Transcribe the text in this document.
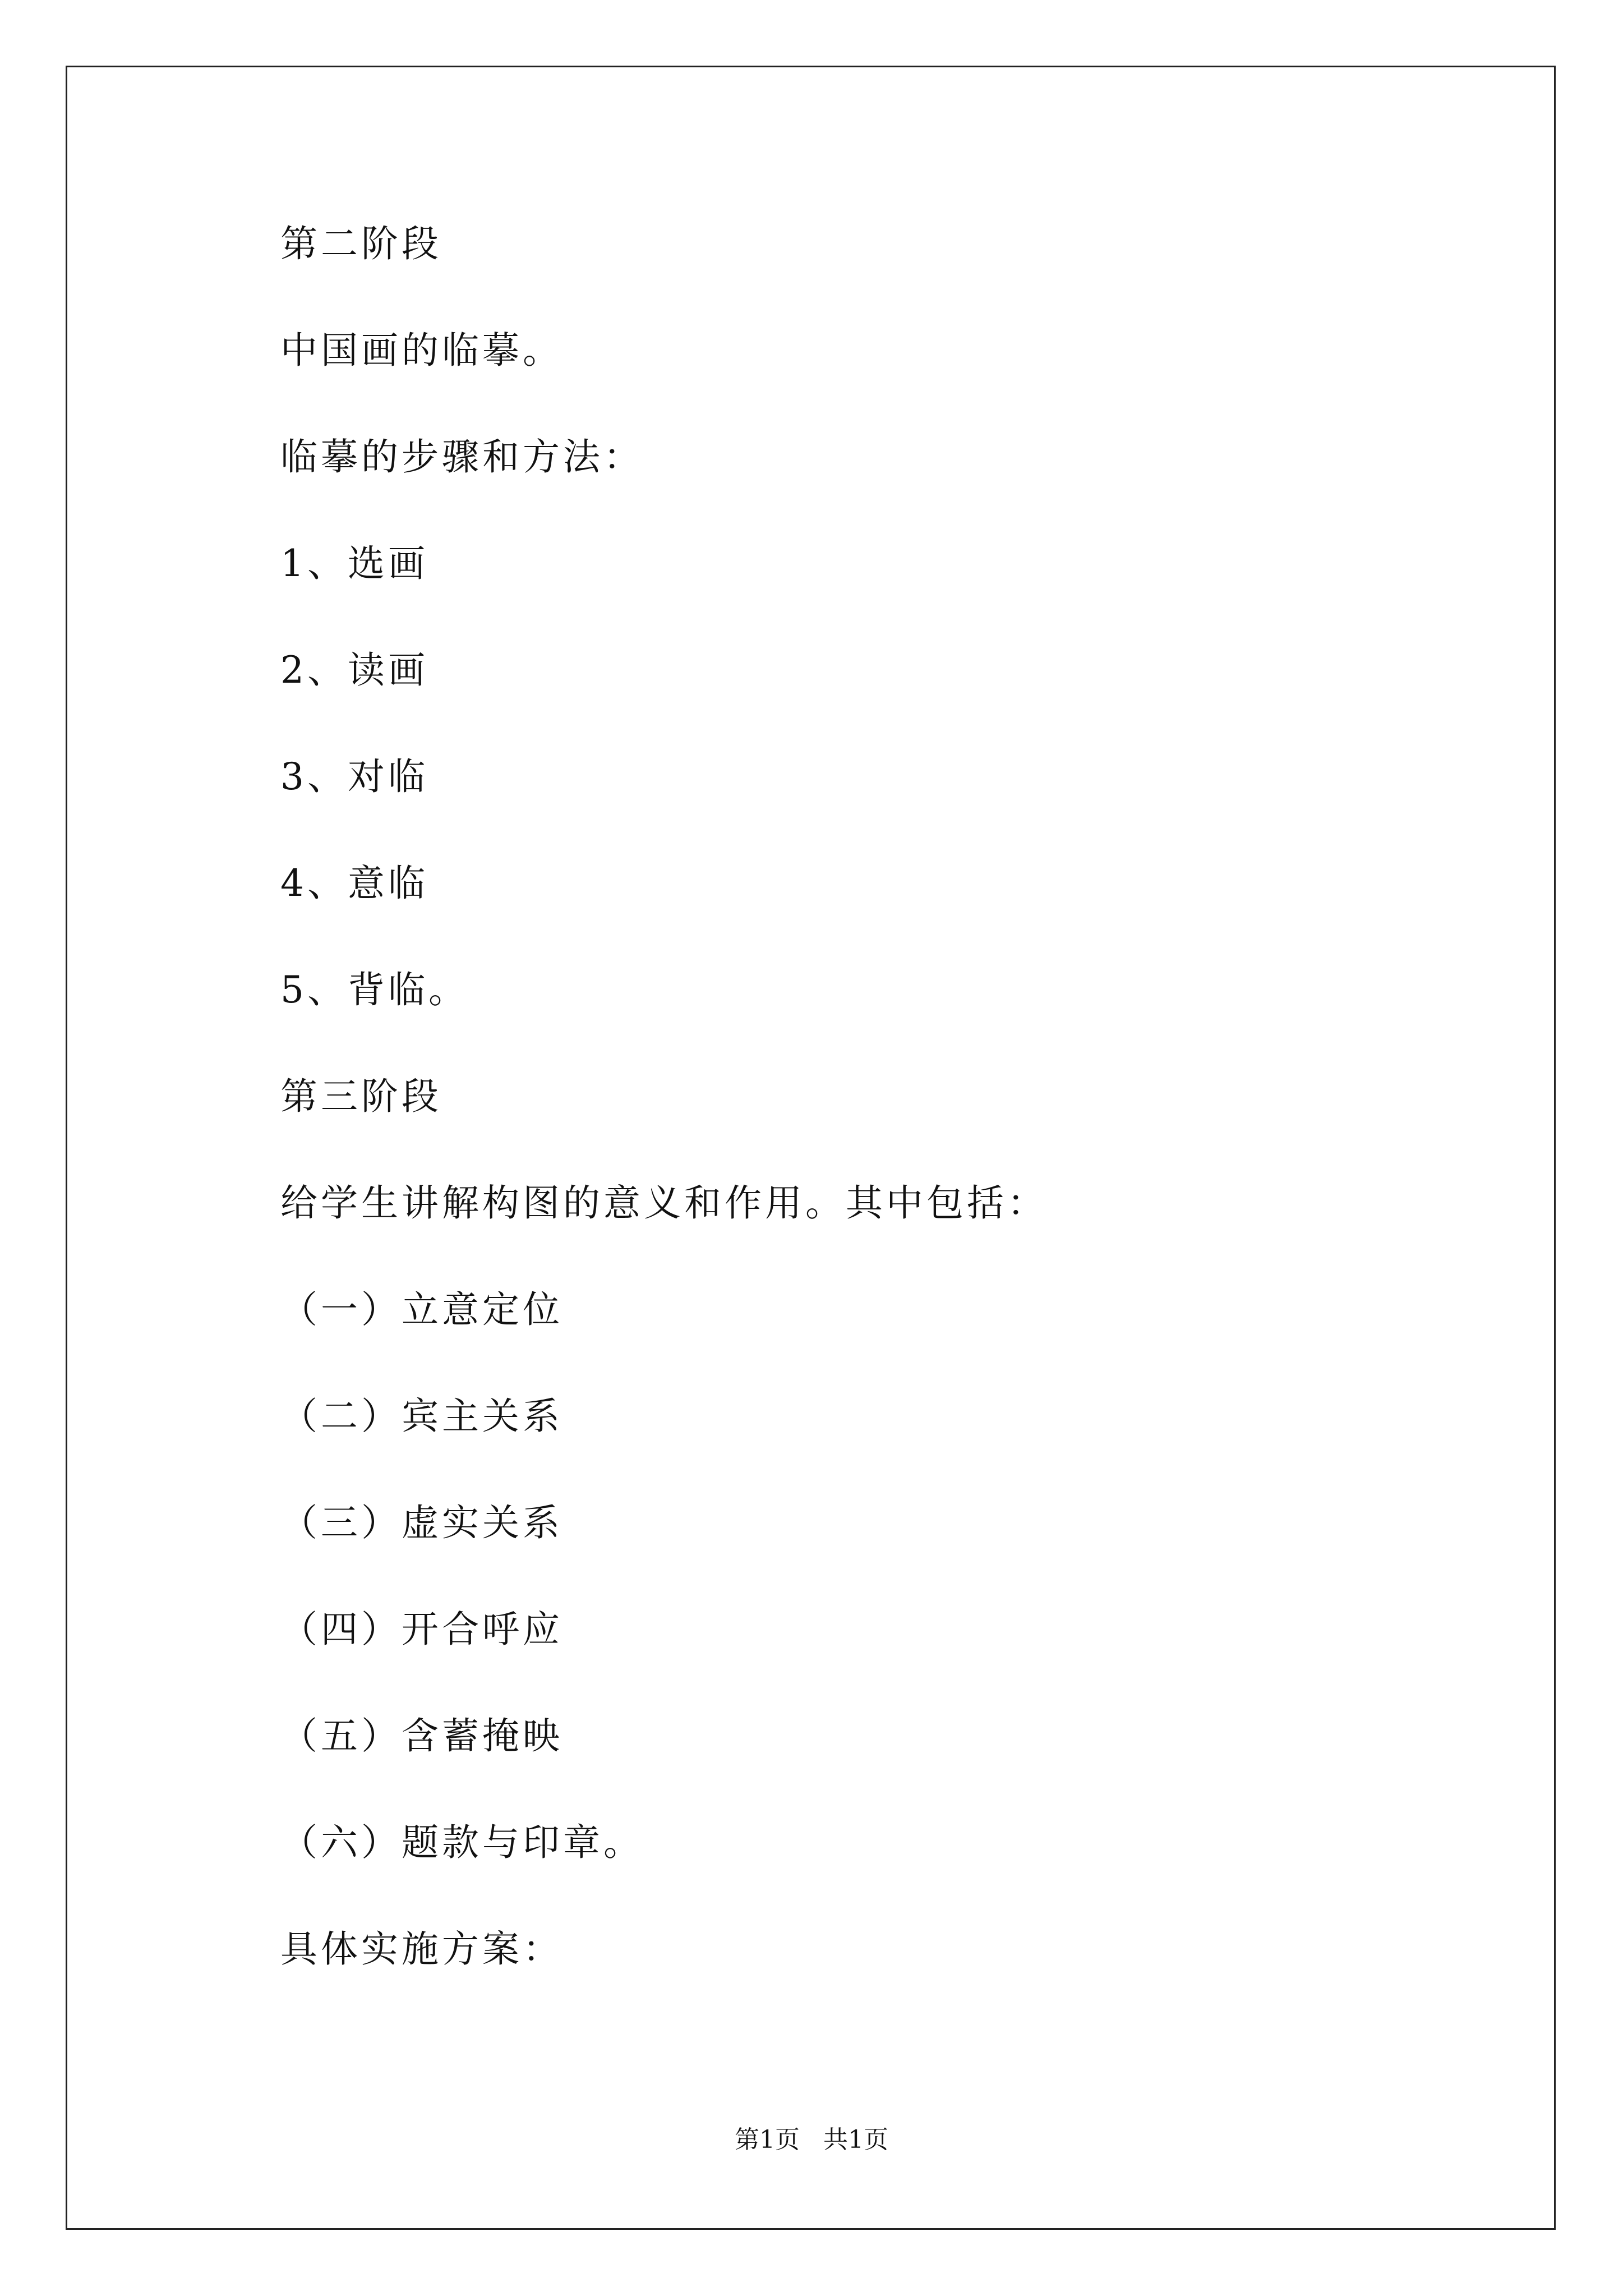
第二阶段
中国画的临摹。
临摹的步骤和方法：
1、选画
2、读画
3、对临
4、意临
5、背临。
第三阶段
给学生讲解构图的意义和作用。其中包括：
（一）立意定位
（二）宾主关系
（三）虚实关系
（四）开合呼应
（五）含蓄掩映
（六）题款与印章。
具体实施方案：
第1页   共1页
